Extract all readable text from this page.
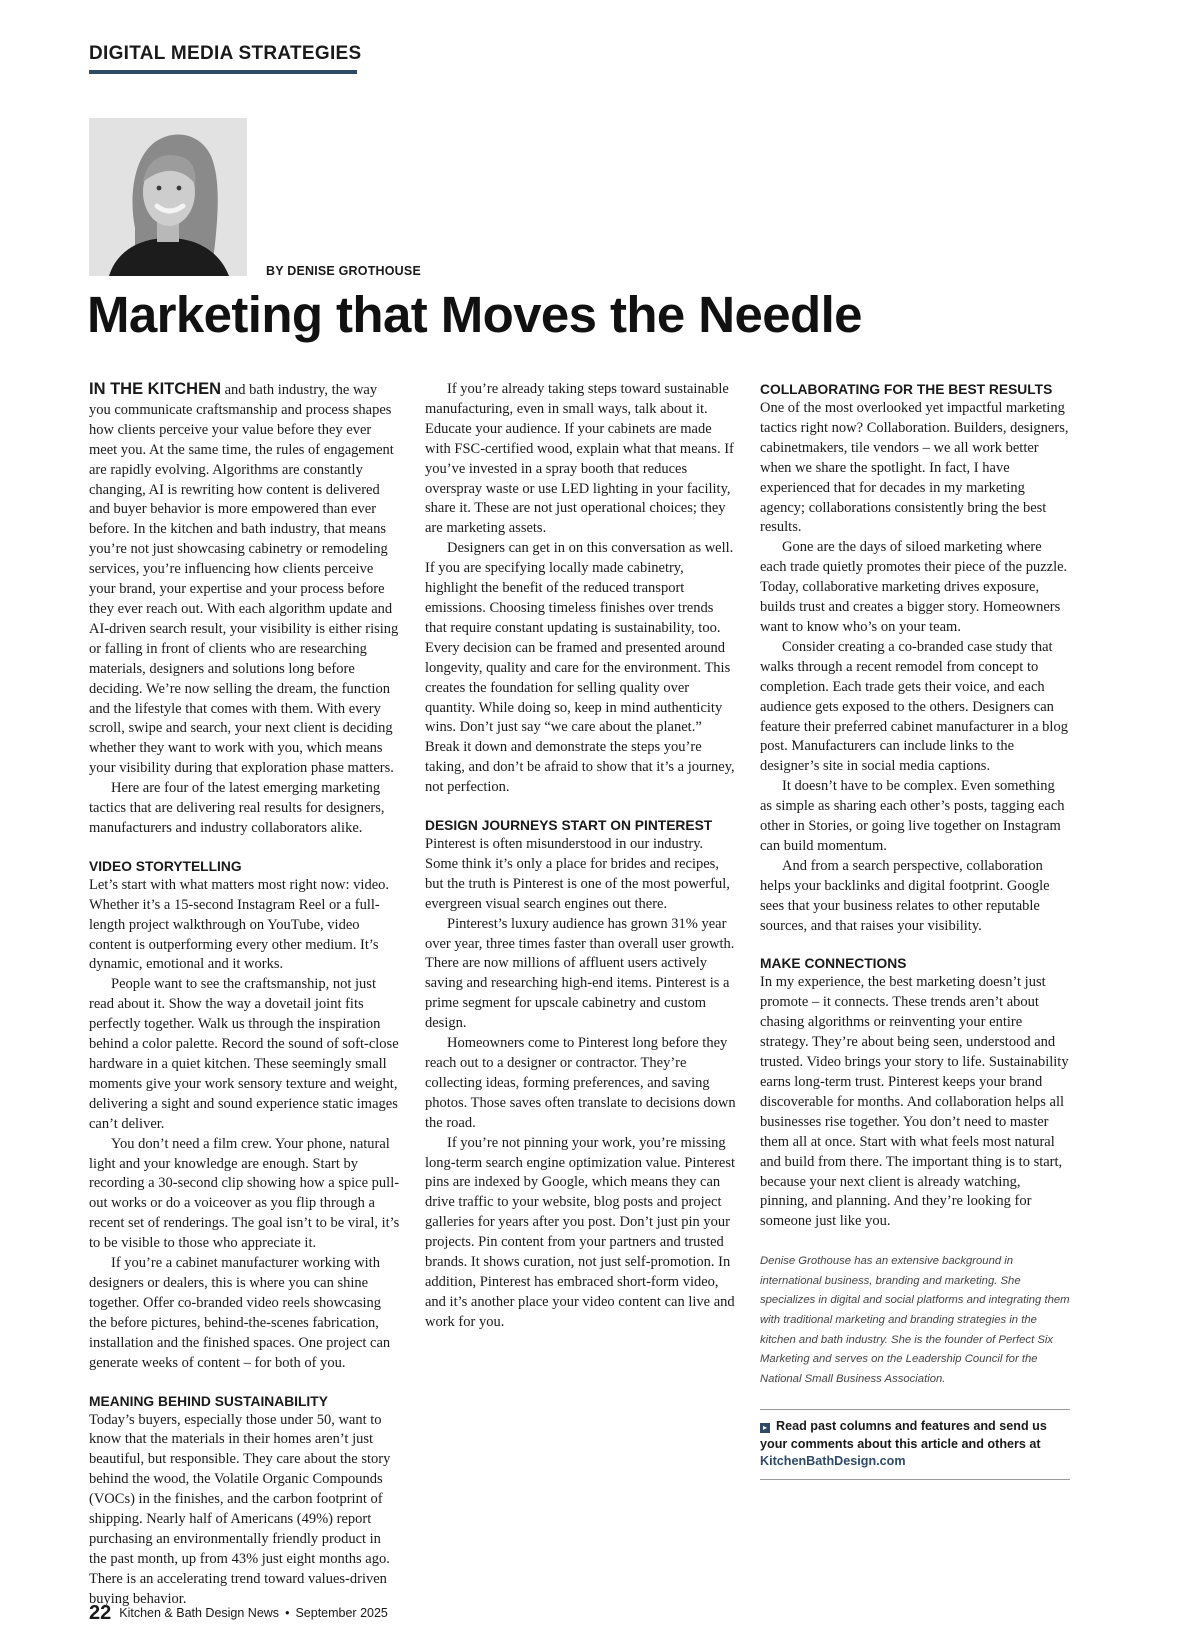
DIGITAL MEDIA STRATEGIES
BY DENISE GROTHOUSE
Marketing that Moves the Needle

IN THE KITCHEN and bath industry, the way you communicate craftsmanship and process shapes how clients perceive your value before they ever meet you. At the same time, the rules of engagement are rapidly evolving. Algorithms are constantly changing, AI is rewriting how content is delivered and buyer behavior is more empowered than ever before. In the kitchen and bath industry, that means you’re not just showcasing cabinetry or remodeling services, you’re influencing how clients perceive your brand, your expertise and your process before they ever reach out. With each algorithm update and AI-driven search result, your visibility is either rising or falling in front of clients who are researching materials, designers and solutions long before deciding. We’re now selling the dream, the function and the lifestyle that comes with them. With every scroll, swipe and search, your next client is deciding whether they want to work with you, which means your visibility during that exploration phase matters.

Here are four of the latest emerging marketing tactics that are delivering real results for designers, manufacturers and industry collaborators alike.

VIDEO STORYTELLING

Let’s start with what matters most right now: video. Whether it’s a 15-second Instagram Reel or a full-length project walkthrough on YouTube, video content is outperforming every other medium. It’s dynamic, emotional and it works.

People want to see the craftsmanship, not just read about it. Show the way a dovetail joint fits perfectly together. Walk us through the inspiration behind a color palette. Record the sound of soft-close hardware in a quiet kitchen. These seemingly small moments give your work sensory texture and weight, delivering a sight and sound experience static images can’t deliver.

You don’t need a film crew. Your phone, natural light and your knowledge are enough. Start by recording a 30-second clip showing how a spice pull-out works or do a voiceover as you flip through a recent set of renderings. The goal isn’t to be viral, it’s to be visible to those who appreciate it.

If you’re a cabinet manufacturer working with designers or dealers, this is where you can shine together. Offer co-branded video reels showcasing the before pictures, behind-the-scenes fabrication, installation and the finished spaces. One project can generate weeks of content – for both of you.

MEANING BEHIND SUSTAINABILITY

Today’s buyers, especially those under 50, want to know that the materials in their homes aren’t just beautiful, but responsible. They care about the story behind the wood, the Volatile Organic Compounds (VOCs) in the finishes, and the carbon footprint of shipping. Nearly half of Americans (49%) report purchasing an environmentally friendly product in the past month, up from 43% just eight months ago. There is an accelerating trend toward values-driven buying behavior.

If you’re already taking steps toward sustainable manufacturing, even in small ways, talk about it. Educate your audience. If your cabinets are made with FSC-certified wood, explain what that means. If you’ve invested in a spray booth that reduces overspray waste or use LED lighting in your facility, share it. These are not just operational choices; they are marketing assets.

Designers can get in on this conversation as well. If you are specifying locally made cabinetry, highlight the benefit of the reduced transport emissions. Choosing timeless finishes over trends that require constant updating is sustainability, too. Every decision can be framed and presented around longevity, quality and care for the environment. This creates the foundation for selling quality over quantity. While doing so, keep in mind authenticity wins. Don’t just say “we care about the planet.” Break it down and demonstrate the steps you’re taking, and don’t be afraid to show that it’s a journey, not perfection.

DESIGN JOURNEYS START ON PINTEREST

Pinterest is often misunderstood in our industry. Some think it’s only a place for brides and recipes, but the truth is Pinterest is one of the most powerful, evergreen visual search engines out there.

Pinterest’s luxury audience has grown 31% year over year, three times faster than overall user growth. There are now millions of affluent users actively saving and researching high-end items. Pinterest is a prime segment for upscale cabinetry and custom design.

Homeowners come to Pinterest long before they reach out to a designer or contractor. They’re collecting ideas, forming preferences, and saving photos. Those saves often translate to decisions down the road.

If you’re not pinning your work, you’re missing long-term search engine optimization value. Pinterest pins are indexed by Google, which means they can drive traffic to your website, blog posts and project galleries for years after you post. Don’t just pin your projects. Pin content from your partners and trusted brands. It shows curation, not just self-promotion. In addition, Pinterest has embraced short-form video, and it’s another place your video content can live and work for you.

COLLABORATING FOR THE BEST RESULTS

One of the most overlooked yet impactful marketing tactics right now? Collaboration. Builders, designers, cabinetmakers, tile vendors – we all work better when we share the spotlight. In fact, I have experienced that for decades in my marketing agency; collaborations consistently bring the best results.

Gone are the days of siloed marketing where each trade quietly promotes their piece of the puzzle. Today, collaborative marketing drives exposure, builds trust and creates a bigger story. Homeowners want to know who’s on your team.

Consider creating a co-branded case study that walks through a recent remodel from concept to completion. Each trade gets their voice, and each audience gets exposed to the others. Designers can feature their preferred cabinet manufacturer in a blog post. Manufacturers can include links to the designer’s site in social media captions.

It doesn’t have to be complex. Even something as simple as sharing each other’s posts, tagging each other in Stories, or going live together on Instagram can build momentum.

And from a search perspective, collaboration helps your backlinks and digital footprint. Google sees that your business relates to other reputable sources, and that raises your visibility.

MAKE CONNECTIONS

In my experience, the best marketing doesn’t just promote – it connects. These trends aren’t about chasing algorithms or reinventing your entire strategy. They’re about being seen, understood and trusted. Video brings your story to life. Sustainability earns long-term trust. Pinterest keeps your brand discoverable for months. And collaboration helps all businesses rise together. You don’t need to master them all at once. Start with what feels most natural and build from there. The important thing is to start, because your next client is already watching, pinning, and planning. And they’re looking for someone just like you.

Denise Grothouse has an extensive background in international business, branding and marketing. She specializes in digital and social platforms and integrating them with traditional marketing and branding strategies in the kitchen and bath industry. She is the founder of Perfect Six Marketing and serves on the Leadership Council for the National Small Business Association.
▸ Read past columns and features and send us your comments about this article and others at KitchenBathDesign.com
22 Kitchen & Bath Design News • September 2025
